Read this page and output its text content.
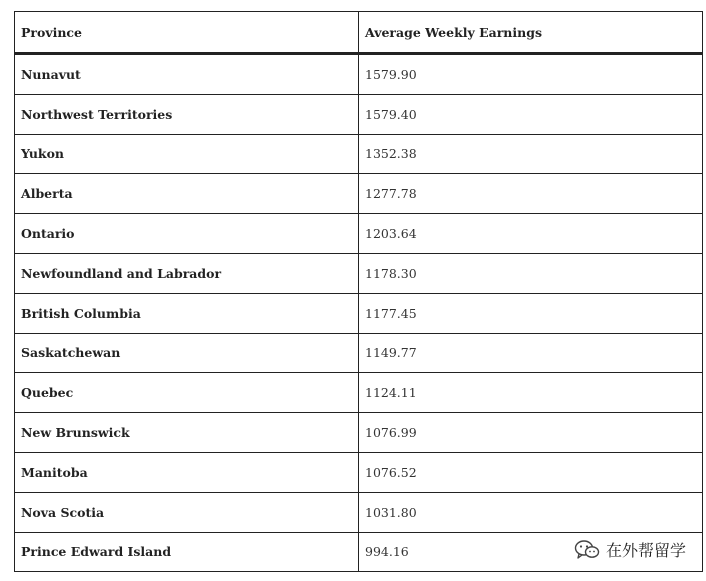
Province	Average Weekly Earnings
Nunavut	1579.90
Northwest Territories	1579.40
Yukon	1352.38
Alberta	1277.78
Ontario	1203.64
Newfoundland and Labrador	1178.30
British Columbia	1177.45
Saskatchewan	1149.77
Quebec	1124.11
New Brunswick	1076.99
Manitoba	1076.52
Nova Scotia	1031.80
Prince Edward Island	994.16	在外帮留学
